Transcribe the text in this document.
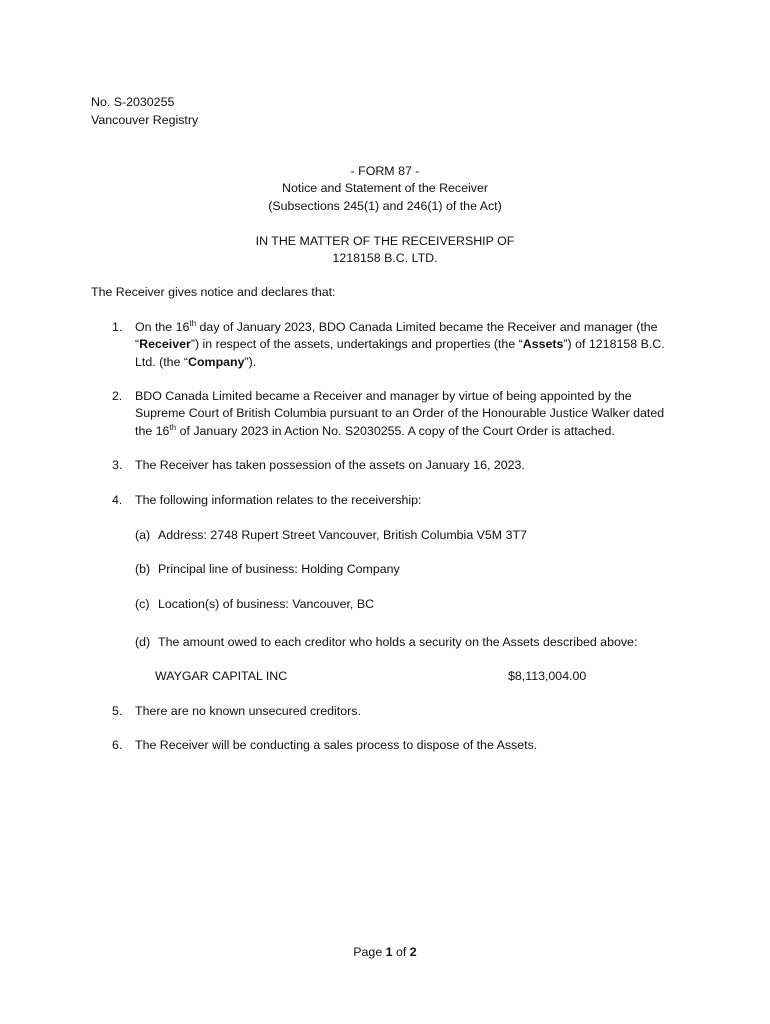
No. S-2030255
Vancouver Registry
- FORM 87 -
Notice and Statement of the Receiver
(Subsections 245(1) and 246(1) of the Act)
IN THE MATTER OF THE RECEIVERSHIP OF
1218158 B.C. LTD.
The Receiver gives notice and declares that:
1. On the 16th day of January 2023, BDO Canada Limited became the Receiver and manager (the
“Receiver”) in respect of the assets, undertakings and properties (the “Assets”) of 1218158 B.C.
Ltd. (the “Company”).
2. BDO Canada Limited became a Receiver and manager by virtue of being appointed by the
Supreme Court of British Columbia pursuant to an Order of the Honourable Justice Walker dated
the 16th of January 2023 in Action No. S2030255. A copy of the Court Order is attached.
3. The Receiver has taken possession of the assets on January 16, 2023.
4. The following information relates to the receivership:
(a) Address: 2748 Rupert Street Vancouver, British Columbia V5M 3T7
(b) Principal line of business: Holding Company
(c) Location(s) of business: Vancouver, BC
(d) The amount owed to each creditor who holds a security on the Assets described above:
WAYGAR CAPITAL INC	$8,113,004.00
5. There are no known unsecured creditors.
6. The Receiver will be conducting a sales process to dispose of the Assets.
Page 1 of 2
